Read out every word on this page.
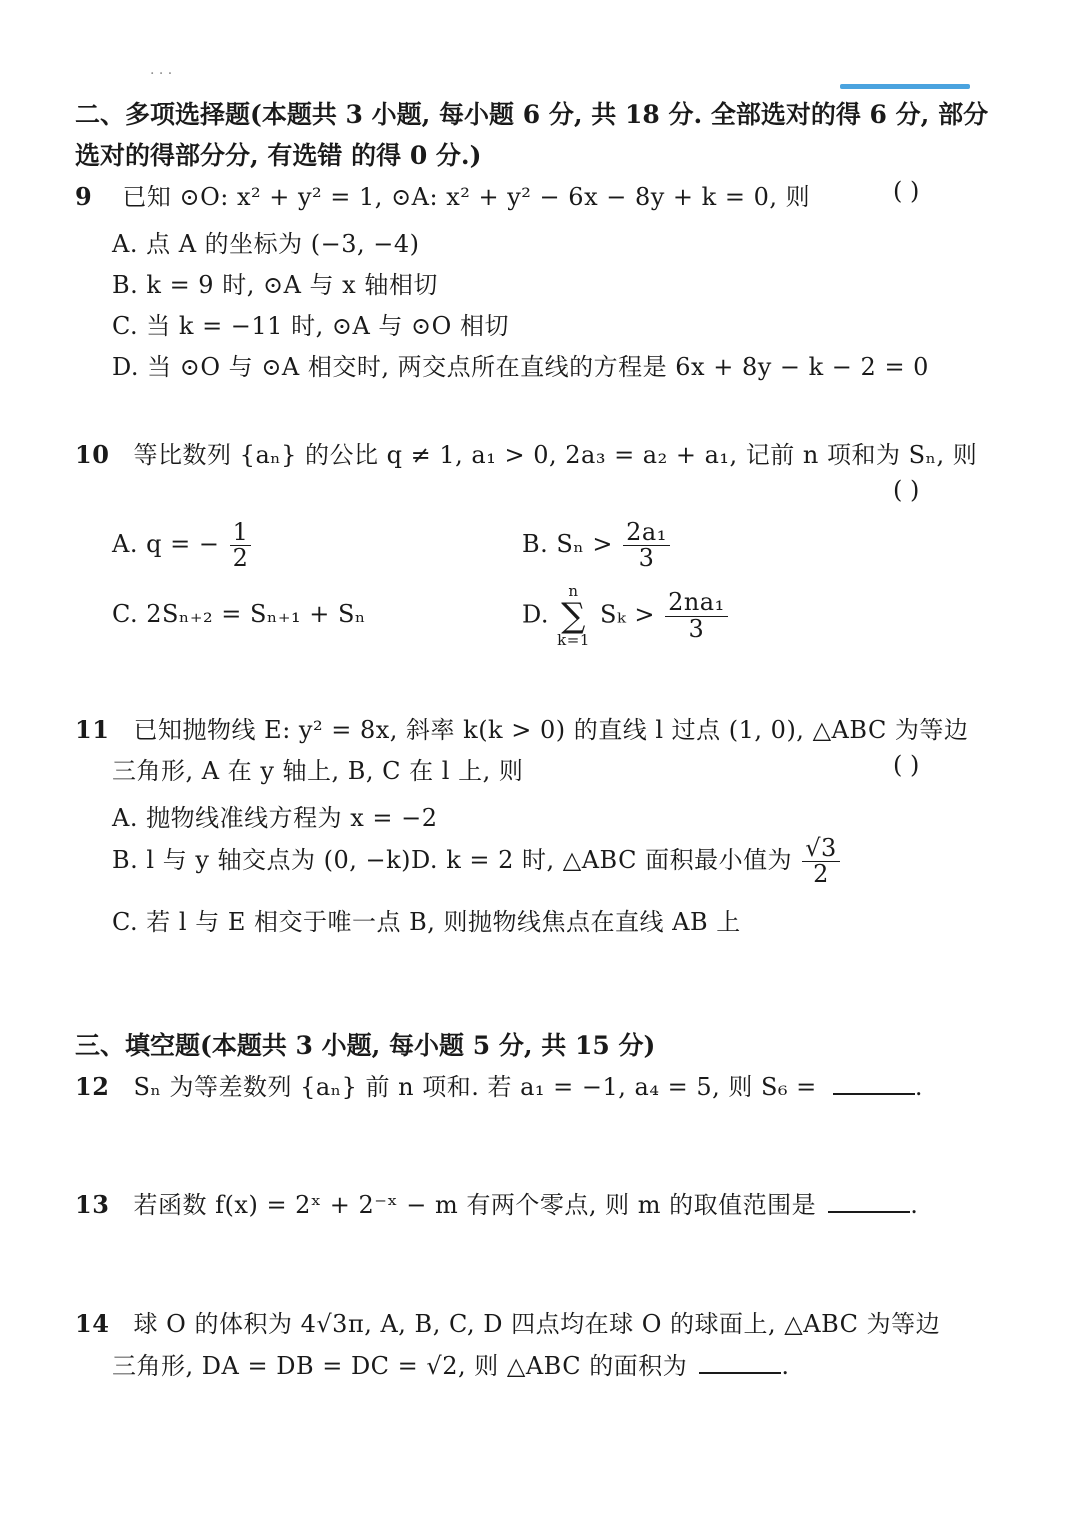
· · ·
二、多项选择题(本题共 3 小题, 每小题 6 分, 共 18 分. 全部选对的得 6 分, 部分
选对的得部分分, 有选错 的得 0 分.)
9 已知 ⊙O: x² + y² = 1, ⊙A: x² + y² − 6x − 8y + k = 0, 则	( )
A. 点 A 的坐标为 (−3, −4)
B. k = 9 时, ⊙A 与 x 轴相切
C. 当 k = −11 时, ⊙A 与 ⊙O 相切
D. 当 ⊙O 与 ⊙A 相交时, 两交点所在直线的方程是 6x + 8y − k − 2 = 0
10 等比数列 {aₙ} 的公比 q ≠ 1, a₁ > 0, 2a₃ = a₂ + a₁, 记前 n 项和为 Sₙ, 则
( )
A. q = − $\frac{1}{2}$	B. $S_n > \frac{\text{2a₁}}{3}$
C. 2Sₙ₊₂ = Sₙ₊₁ + Sₙ	D.
n
∑
k=1
$S_k > \frac{\text{2na₁}}{3}$
11 已知抛物线 E: y² = 8x, 斜率 k(k > 0) 的直线 l 过点 (1, 0), △ABC 为等边
三角形, A 在 y 轴上, B, C 在 l 上, 则	( )
A. 抛物线准线方程为 x = −2
B. l 与 y 轴交点为 (0, −k)D. k = 2 时, △ABC 面积最小值为 $\frac{√3}{2}$
C. 若 l 与 E 相交于唯一点 B, 则抛物线焦点在直线 AB 上
三、填空题(本题共 3 小题, 每小题 5 分, 共 15 分)
12 Sₙ 为等差数列 {aₙ} 前 n 项和. 若 a₁ = −1, a₄ = 5, 则 S₆ =	.
13 若函数 f(x) = 2ˣ + 2⁻ˣ − m 有两个零点, 则 m 的取值范围是	.
14 球 O 的体积为 4√3π, A, B, C, D 四点均在球 O 的球面上, △ABC 为等边
三角形, DA = DB = DC = √2, 则 △ABC 的面积为	.
